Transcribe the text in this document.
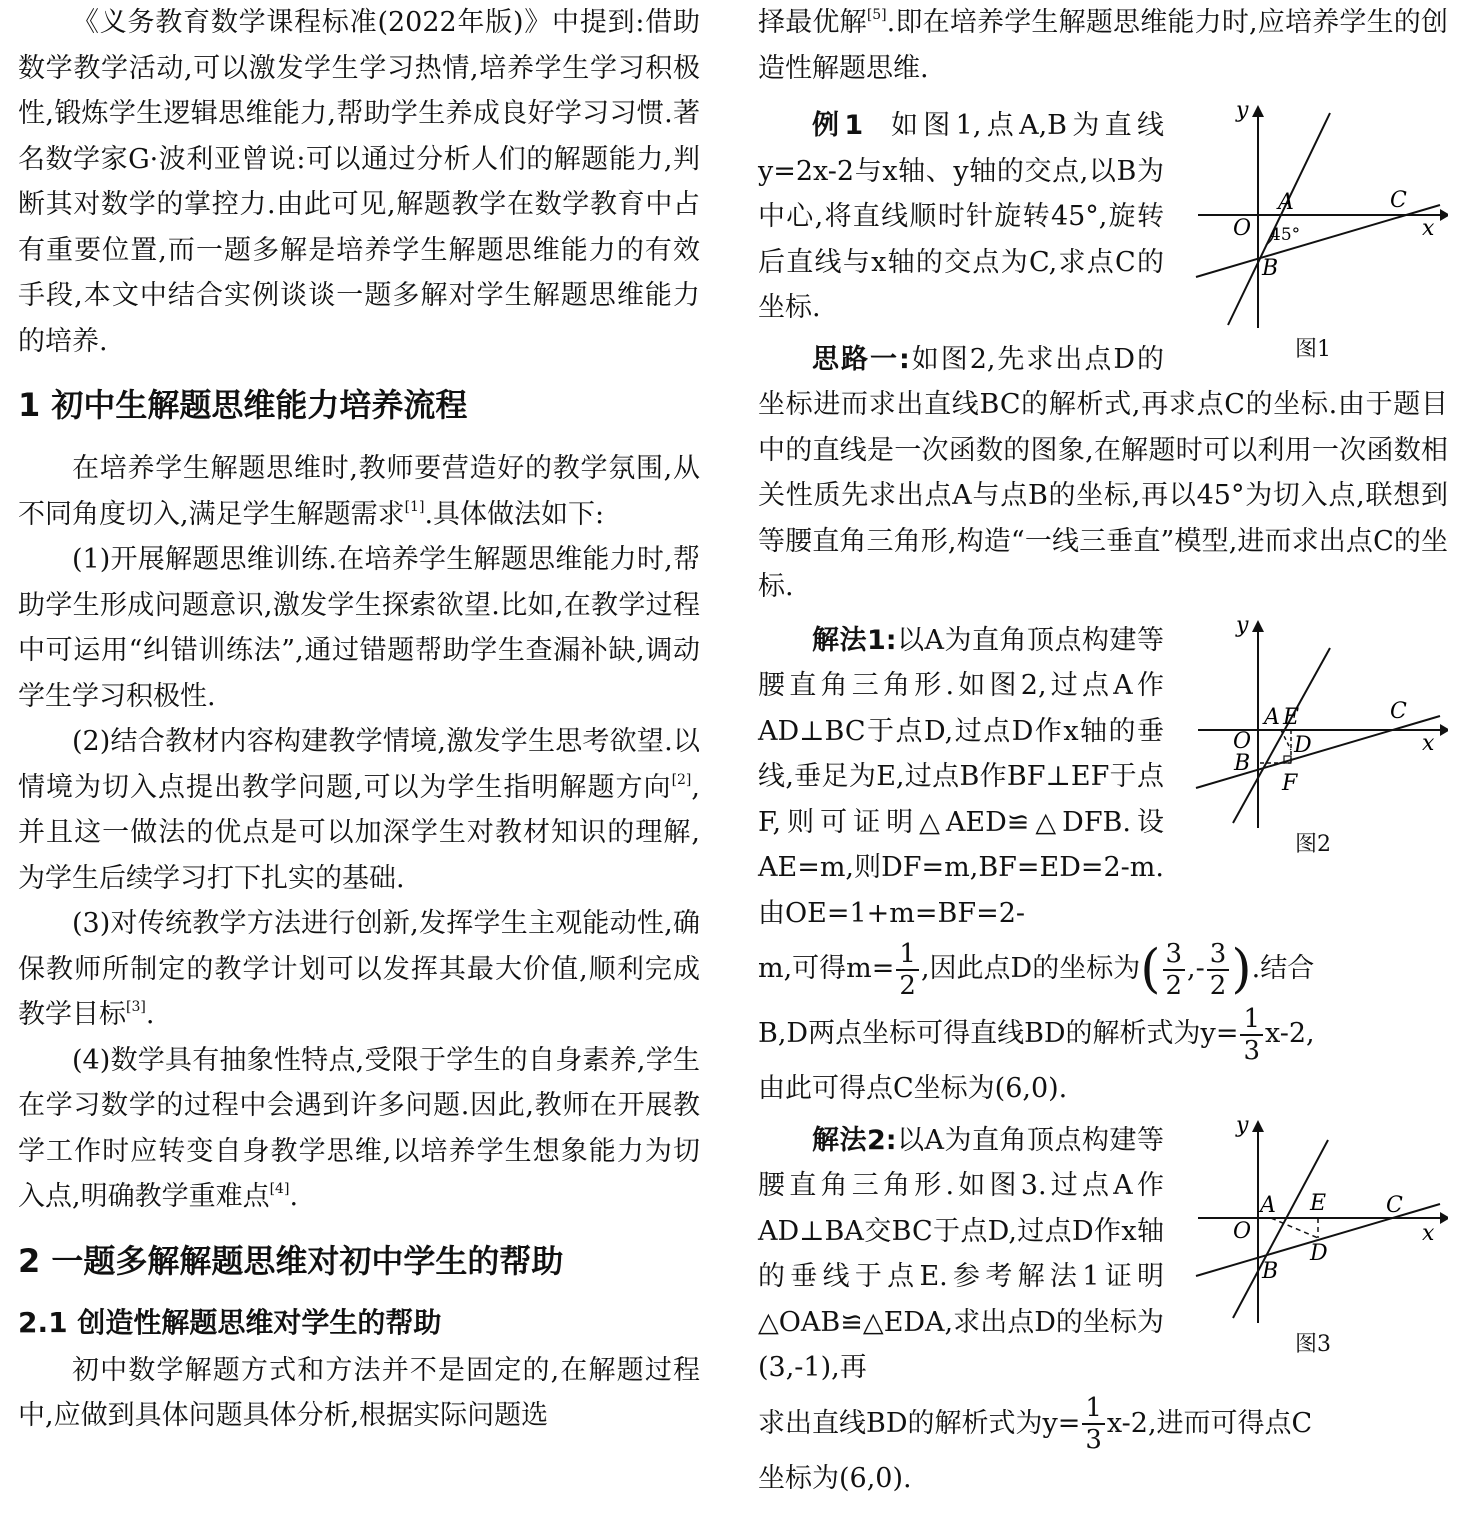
《义务教育数学课程标准(2022年版)》中提到:借助数学教学活动,可以激发学生学习热情,培养学生学习积极性,锻炼学生逻辑思维能力,帮助学生养成良好学习习惯.著名数学家G·波利亚曾说:可以通过分析人们的解题能力,判断其对数学的掌控力.由此可见,解题教学在数学教育中占有重要位置,而一题多解是培养学生解题思维能力的有效手段,本文中结合实例谈谈一题多解对学生解题思维能力的培养.

1 初中生解题思维能力培养流程

在培养学生解题思维时,教师要营造好的教学氛围,从不同角度切入,满足学生解题需求[1].具体做法如下:

(1)开展解题思维训练.在培养学生解题思维能力时,帮助学生形成问题意识,激发学生探索欲望.比如,在教学过程中可运用“纠错训练法”,通过错题帮助学生查漏补缺,调动学生学习积极性.

(2)结合教材内容构建教学情境,激发学生思考欲望.以情境为切入点提出教学问题,可以为学生指明解题方向[2],并且这一做法的优点是可以加深学生对教材知识的理解,为学生后续学习打下扎实的基础.

(3)对传统教学方法进行创新,发挥学生主观能动性,确保教师所制定的教学计划可以发挥其最大价值,顺利完成教学目标[3].

(4)数学具有抽象性特点,受限于学生的自身素养,学生在学习数学的过程中会遇到许多问题.因此,教师在开展教学工作时应转变自身教学思维,以培养学生想象能力为切入点,明确教学重难点[4].

2 一题多解解题思维对初中学生的帮助
2.1 创造性解题思维对学生的帮助

初中数学解题方式和方法并不是固定的,在解题过程中,应做到具体问题具体分析,根据实际问题选

择最优解[5].即在培养学生解题思维能力时,应培养学生的创造性解题思维.

y
x
O
A
B
C
45°
图1

例1 如图1,点A,B为直线y=2x-2与x轴、y轴的交点,以B为中心,将直线顺时针旋转45°,旋转后直线与x轴的交点为C,求点C的坐标.

思路一:如图2,先求出点D的坐标进而求出直线BC的解析式,再求点C的坐标.由于题目中的直线是一次函数的图象,在解题时可以利用一次函数相关性质先求出点A与点B的坐标,再以45°为切入点,联想到等腰直角三角形,构造“一线三垂直”模型,进而求出点C的坐标.

y
x
O
A E
D
B
F
C
图2

解法1:以A为直角顶点构建等腰直角三角形.如图2,过点A作AD⊥BC于点D,过点D作x轴的垂线,垂足为E,过点B作BF⊥EF于点F,则可证明△AED≌△DFB.设AE=m,则DF=m,BF=ED=2-m.由OE=1+m=BF=2-

m,可得$m= \frac{1}{2}$ ,因此点D的坐标为( $\frac{3}{2}$ ,- $\frac{3}{2}$ ).结合

B,D两点坐标可得直线BD的解析式为$y= \frac{1}{3} x-2$,

由此可得点C坐标为(6,0).

y
x
O
A E
D
B
C
图3

解法2:以A为直角顶点构建等腰直角三角形.如图3.过点A作AD⊥BA交BC于点D,过点D作x轴的垂线于点E.参考解法1证明△OAB≌△EDA,求出点D的坐标为(3,-1),再

求出直线BD的解析式为$y= \frac{1}{3} x-2$,进而可得点C

坐标为(6,0).
